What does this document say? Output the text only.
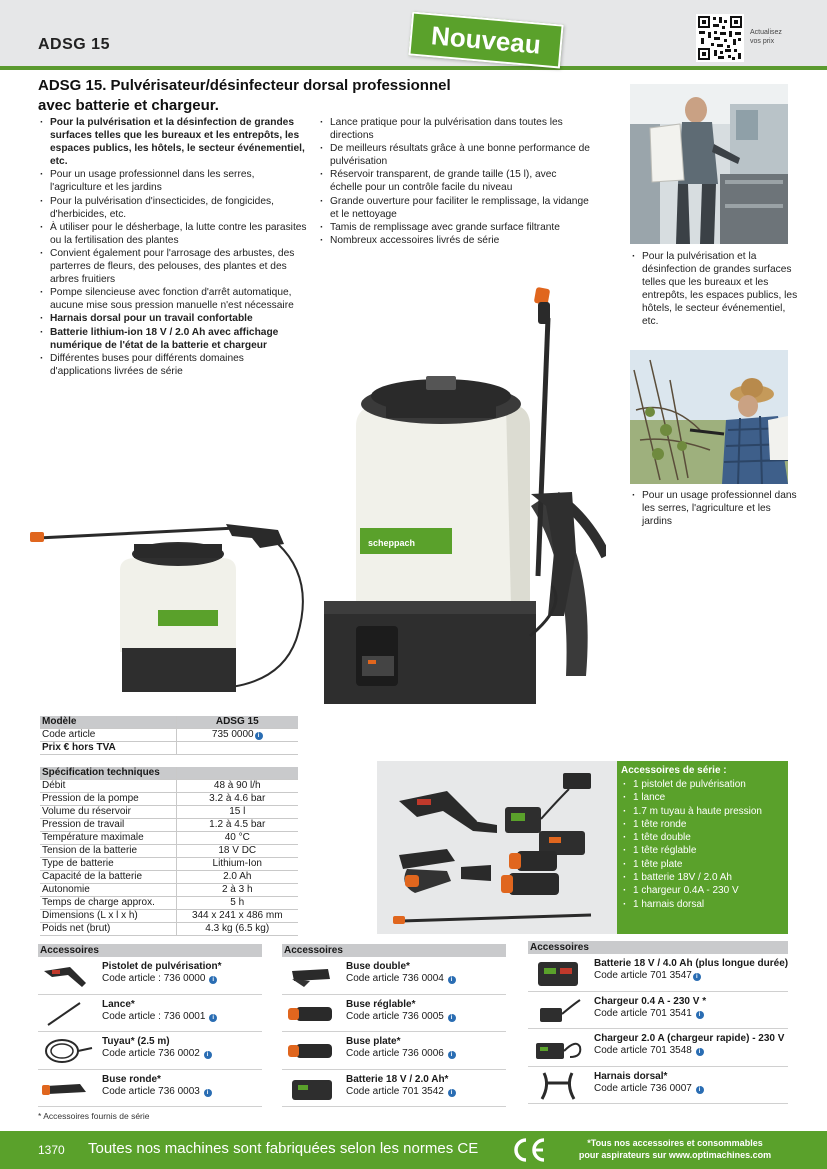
ADSG 15	Nouveau	Actualisez
vos prix
ADSG 15. Pulvérisateur/désinfecteur dorsal professionnel
avec batterie et chargeur.
· Pour la pulvérisation et la désinfection de grandes surfaces telles que les bureaux et les entrepôts, les espaces publics, les hôtels, le secteur événementiel, etc.
· Pour un usage professionnel dans les serres, l'agriculture et les jardins
· Pour la pulvérisation d'insecticides, de fongicides, d'herbicides, etc.
· À utiliser pour le désherbage, la lutte contre les parasites ou la fertilisation des plantes
· Convient également pour l'arrosage des arbustes, des parterres de fleurs, des pelouses, des plantes et des arbres fruitiers
· Pompe silencieuse avec fonction d'arrêt automatique, aucune mise sous pression manuelle n'est nécessaire
· Harnais dorsal pour un travail confortable
· Batterie lithium-ion 18 V / 2.0 Ah avec affichage numérique de l'état de la batterie et chargeur
· Différentes buses pour différents domaines d'applications livrées de série
· Lance pratique pour la pulvérisation dans toutes les directions
· De meilleurs résultats grâce à une bonne performance de pulvérisation
· Réservoir transparent, de grande taille (15 l), avec échelle pour un contrôle facile du niveau
· Grande ouverture pour faciliter le remplissage, la vidange et le nettoyage
· Tamis de remplissage avec grande surface filtrante
· Nombreux accessoires livrés de série
· Pour la pulvérisation et la désinfection de grandes surfaces telles que les bureaux et les entrepôts, les espaces publics, les hôtels, le secteur événementiel, etc.
· Pour un usage professionnel dans les serres, l'agriculture et les jardins
scheppach
Modèle	ADSG 15
Code article	735 0000 i
Prix € hors TVA	

Spécification techniques	
Débit	48 à 90 l/h
Pression de la pompe	3.2 à 4.6 bar
Volume du réservoir	15 l
Pression de travail	1.2 à 4.5 bar
Température maximale	40 °C
Tension de la batterie	18 V DC
Type de batterie	Lithium-Ion
Capacité de la batterie	2.0 Ah
Autonomie	2 à 3 h
Temps de charge approx.	5 h
Dimensions (L x l x h)	344 x 241 x 486 mm
Poids net (brut)	4.3 kg (6.5 kg)
Accessoires de série :
· 1 pistolet de pulvérisation
· 1 lance
· 1.7 m tuyau à haute pression
· 1 tête ronde
· 1 tête double
· 1 tête réglable
· 1 tête plate
· 1 batterie 18V / 2.0 Ah
· 1 chargeur 0.4A - 230 V
· 1 harnais dorsal
Accessoires
Pistolet de pulvérisation*
Code article : 736 0000 i
Lance*
Code article : 736 0001 i
Tuyau* (2.5 m)
Code article 736 0002 i
Buse ronde*
Code article 736 0003 i
Accessoires
Buse double*
Code article 736 0004 i
Buse réglable*
Code article 736 0005 i
Buse plate*
Code article 736 0006 i
Batterie 18 V / 2.0 Ah*
Code article 701 3542 i
Accessoires
Batterie 18 V / 4.0 Ah (plus longue durée)
Code article 701 3547 i
Chargeur 0.4 A - 230 V *
Code article 701 3541 i
Chargeur 2.0 A (chargeur rapide) - 230 V
Code article 701 3548 i
Harnais dorsal*
Code article 736 0007 i
* Accessoires fournis de série
1370 Toutes nos machines sont fabriquées selon les normes CE	*Tous nos accessoires et consommables
pour aspirateurs sur www.optimachines.com
